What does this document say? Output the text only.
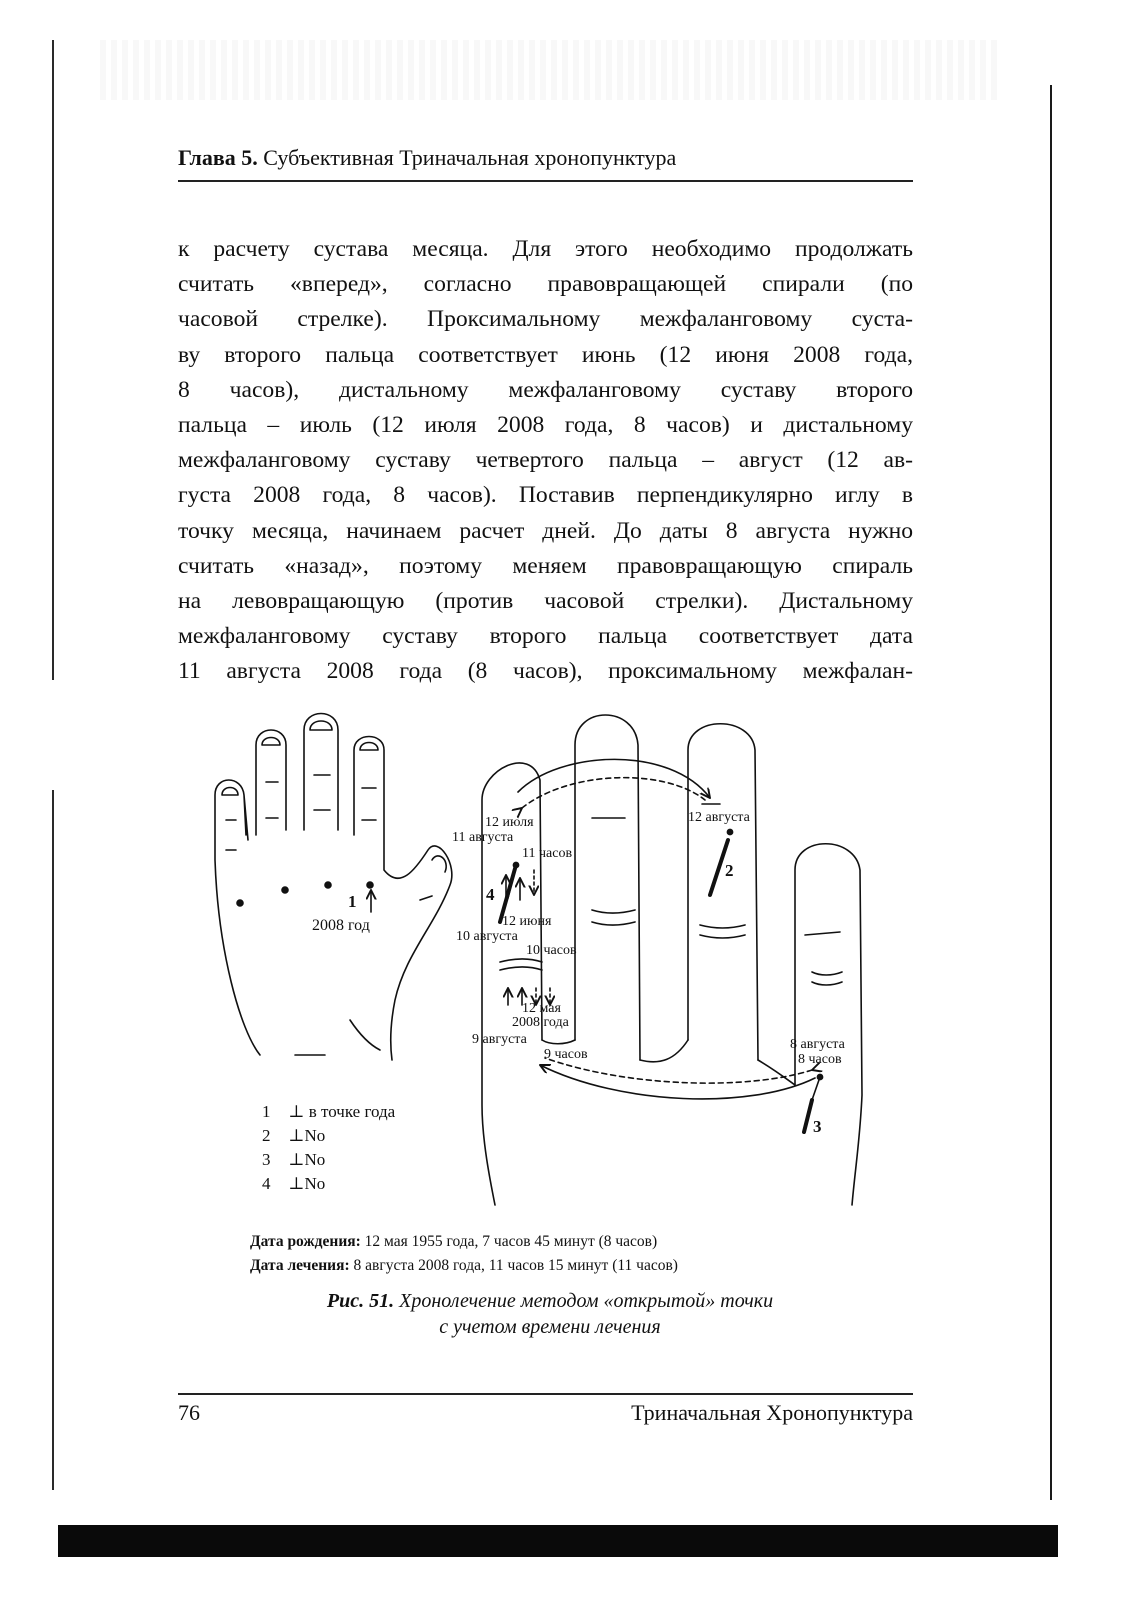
Глава 5. Субъективная Триначальная хронопунктура
к расчету сустава месяца. Для этого необходимо продолжать
считать «вперед», согласно правовращающей спирали (по
часовой стрелке). Проксимальному межфаланговому суста-
ву второго пальца соответствует июнь (12 июня 2008 года,
8 часов), дистальному межфаланговому суставу второго
пальца – июль (12 июля 2008 года, 8 часов) и дистальному
межфаланговому суставу четвертого пальца – август (12 ав-
густа 2008 года, 8 часов). Поставив перпендикулярно иглу в
точку месяца, начинаем расчет дней. До даты 8 августа нужно
считать «назад», поэтому меняем правовращающую спираль
на левовращающую (против часовой стрелки). Дистальному
межфаланговому суставу второго пальца соответствует дата
11 августа 2008 года (8 часов), проксимальному межфалан-
1
2008 год
12 июля
11 августа
11 часов
12 июня
10 августа
10 часов
12 мая
2008 года
9 августа
9 часов
12 августа
8 августа
8 часов
2
3
4
1 ⊥ в точке года
2 ⊥No
3 ⊥No
4 ⊥No
Дата рождения: 12 мая 1955 года, 7 часов 45 минут (8 часов)
Дата лечения: 8 августа 2008 года, 11 часов 15 минут (11 часов)
Рис. 51. Хронолечение методом «открытой» точки
с учетом времени лечения
76	Триначальная Хронопунктура
